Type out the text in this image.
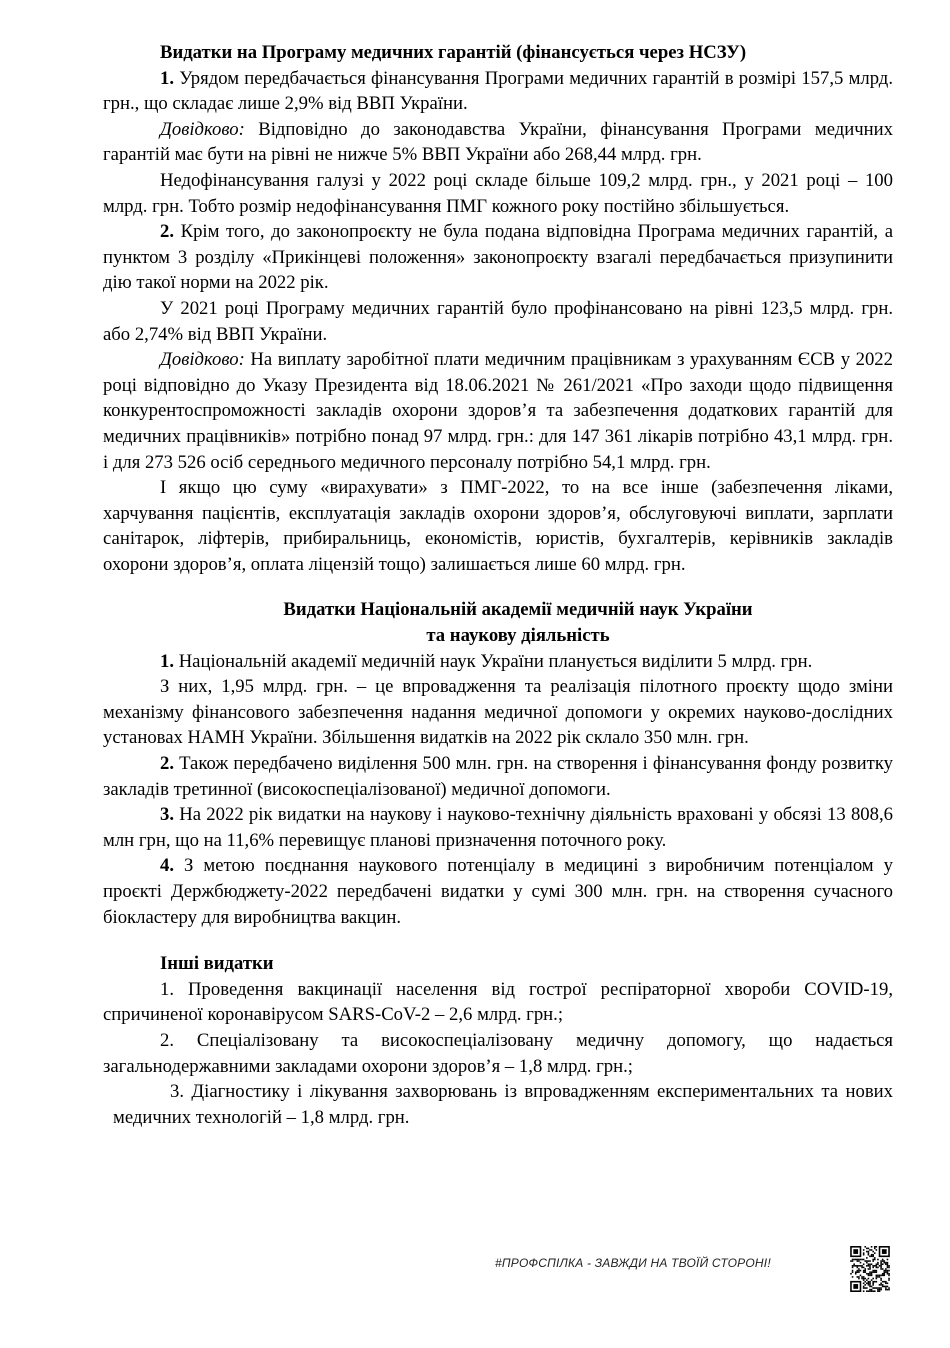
Видатки на Програму медичних гарантій (фінансується через НСЗУ)

1. Урядом передбачається фінансування Програми медичних гарантій в розмірі 157,5 млрд. грн., що складає лише 2,9% від ВВП України.

Довідково: Відповідно до законодавства України, фінансування Програми медичних гарантій має бути на рівні не нижче 5% ВВП України або 268,44 млрд. грн.

Недофінансування галузі у 2022 році складе більше 109,2 млрд. грн., у 2021 році – 100 млрд. грн. Тобто розмір недофінансування ПМГ кожного року постійно збільшується.

2. Крім того, до законопроєкту не була подана відповідна Програма медичних гарантій, а пунктом 3 розділу «Прикінцеві положення» законопроєкту взагалі передбачається призупинити дію такої норми на 2022 рік.

У 2021 році Програму медичних гарантій було профінансовано на рівні 123,5 млрд. грн. або 2,74% від ВВП України.

Довідково: На виплату заробітної плати медичним працівникам з урахуванням ЄСВ у 2022 році відповідно до Указу Президента від 18.06.2021 № 261/2021 «Про заходи щодо підвищення конкурентоспроможності закладів охорони здоров’я та забезпечення додаткових гарантій для медичних працівників» потрібно понад 97 млрд. грн.: для 147 361 лікарів потрібно 43,1 млрд. грн. і для 273 526 осіб середнього медичного персоналу потрібно 54,1 млрд. грн.

І якщо цю суму «вирахувати» з ПМГ-2022, то на все інше (забезпечення ліками, харчування пацієнтів, експлуатація закладів охорони здоров’я, обслуговуючі виплати, зарплати санітарок, ліфтерів, прибиральниць, економістів, юристів, бухгалтерів, керівників закладів охорони здоров’я, оплата ліцензій тощо) залишається лише 60 млрд. грн.

Видатки Національній академії медичній наук України

та наукову діяльність

1. Національній академії медичній наук України планується виділити 5 млрд. грн.

З них, 1,95 млрд. грн. – це впровадження та реалізація пілотного проєкту щодо зміни механізму фінансового забезпечення надання медичної допомоги у окремих науково-дослідних установах НАМН України. Збільшення видатків на 2022 рік склало 350 млн. грн.

2. Також передбачено виділення 500 млн. грн. на створення і фінансування фонду розвитку закладів третинної (високоспеціалізованої) медичної допомоги.

3. На 2022 рік видатки на наукову і науково-технічну діяльність враховані у обсязі 13 808,6 млн грн, що на 11,6% перевищує планові призначення поточного року.

4. З метою поєднання наукового потенціалу в медицині з виробничим потенціалом у проєкті Держбюджету-2022 передбачені видатки у сумі 300 млн. грн. на створення сучасного біокластеру для виробництва вакцин.

Інші видатки

1. Проведення вакцинації населення від гострої респіраторної хвороби COVID-19, спричиненої коронавірусом SARS-CoV-2 – 2,6 млрд. грн.;

2. Спеціалізовану та високоспеціалізовану медичну допомогу, що надається загальнодержавними закладами охорони здоров’я – 1,8 млрд. грн.;

3. Діагностику і лікування захворювань із впровадженням експериментальних та нових медичних технологій – 1,8 млрд. грн.

#ПРОФСПІЛКА - ЗАВЖДИ НА ТВОЇЙ СТОРОНІ!
